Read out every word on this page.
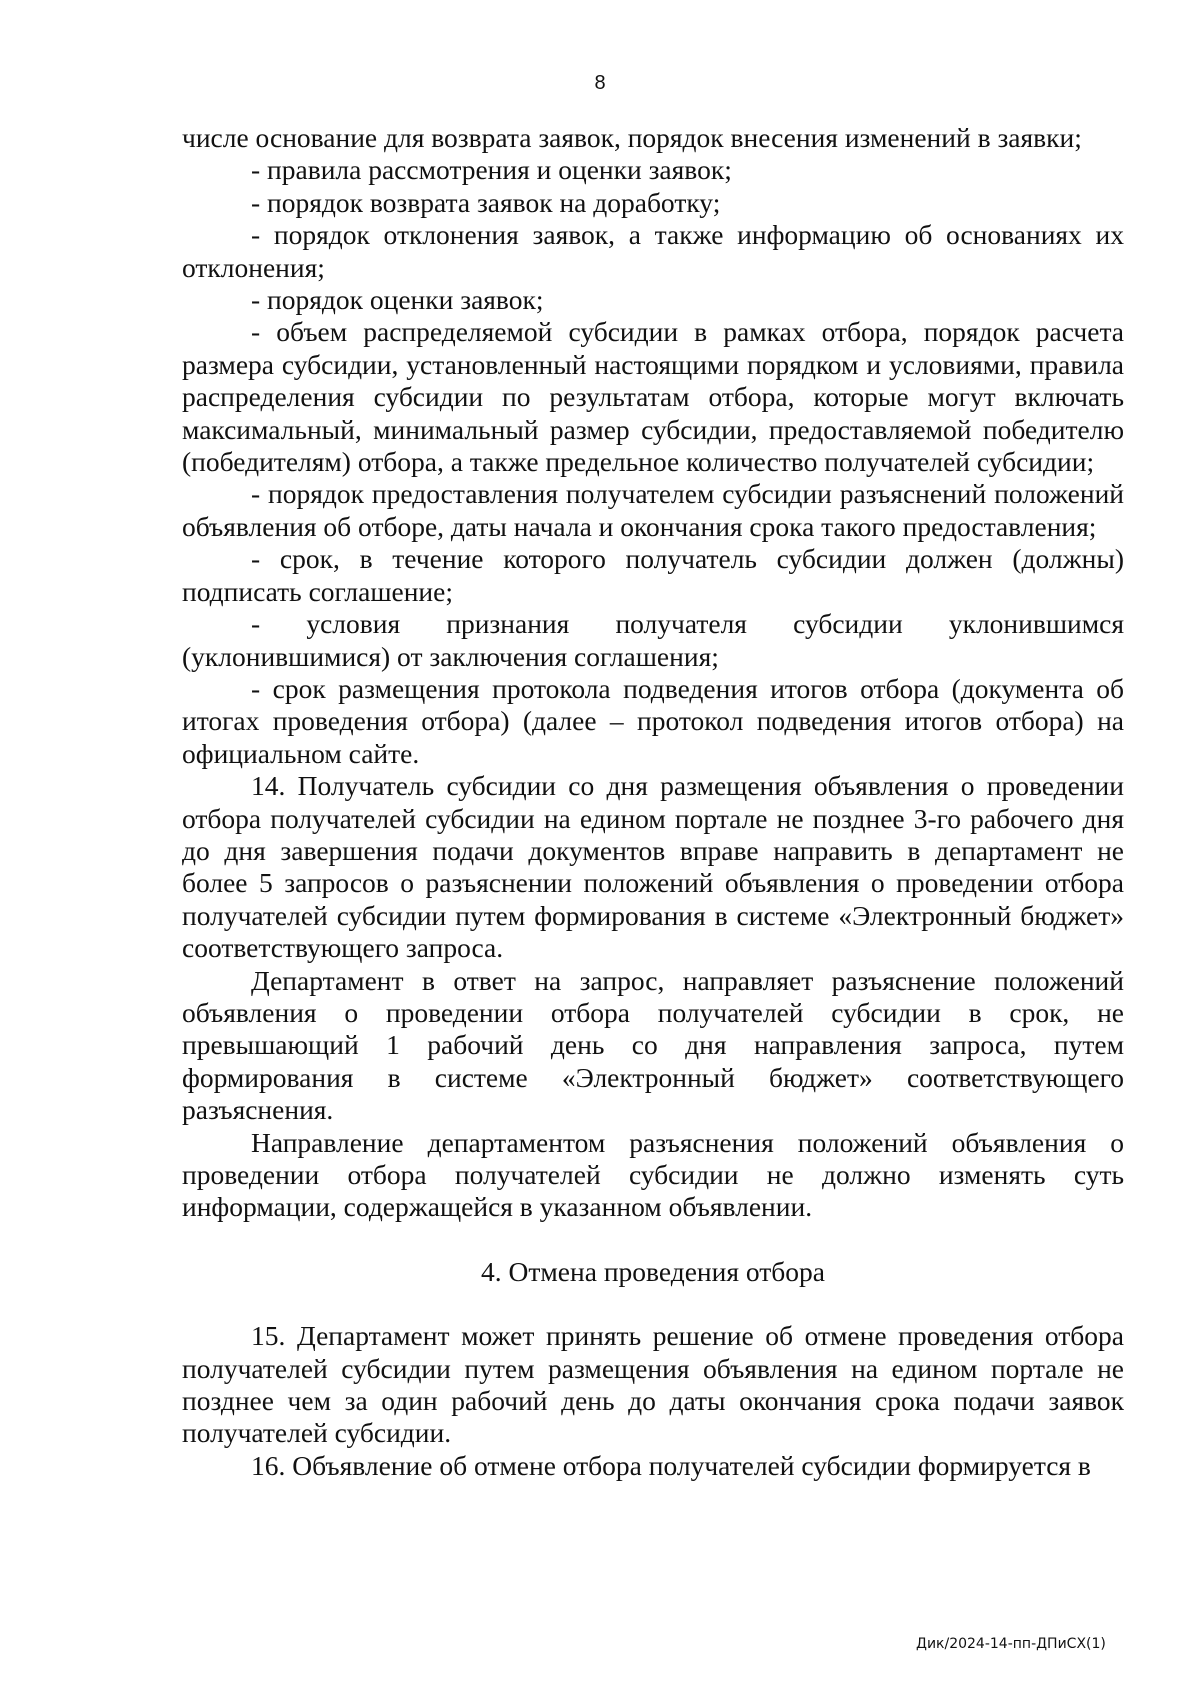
8

числе основание для возврата заявок, порядок внесения изменений в заявки;

- правила рассмотрения и оценки заявок;

- порядок возврата заявок на доработку;

- порядок отклонения заявок, а также информацию об основаниях их отклонения;

- порядок оценки заявок;

- объем распределяемой субсидии в рамках отбора, порядок расчета размера субсидии, установленный настоящими порядком и условиями, правила распределения субсидии по результатам отбора, которые могут включать максимальный, минимальный размер субсидии, предоставляемой победителю (победителям) отбора, а также предельное количество получателей субсидии;

- порядок предоставления получателем субсидии разъяснений положений объявления об отборе, даты начала и окончания срока такого предоставления;

- срок, в течение которого получатель субсидии должен (должны) подписать соглашение;

- условия признания получателя субсидии уклонившимся (уклонившимися) от заключения соглашения;

- срок размещения протокола подведения итогов отбора (документа об итогах проведения отбора) (далее – протокол подведения итогов отбора) на официальном сайте.

14. Получатель субсидии со дня размещения объявления о проведении отбора получателей субсидии на едином портале не позднее 3-го рабочего дня до дня завершения подачи документов вправе направить в департамент не более 5 запросов о разъяснении положений объявления о проведении отбора получателей субсидии путем формирования в системе «Электронный бюджет» соответствующего запроса.

Департамент в ответ на запрос, направляет разъяснение положений объявления о проведении отбора получателей субсидии в срок, не превышающий 1 рабочий день со дня направления запроса, путем формирования в системе «Электронный бюджет» соответствующего разъяснения.

Направление департаментом разъяснения положений объявления о проведении отбора получателей субсидии не должно изменять суть информации, содержащейся в указанном объявлении.

4. Отмена проведения отбора

15. Департамент может принять решение об отмене проведения отбора получателей субсидии путем размещения объявления на едином портале не позднее чем за один рабочий день до даты окончания срока подачи заявок получателей субсидии.

16. Объявление об отмене отбора получателей субсидии формируется в

Дик/2024-14-пп-ДПиСХ(1)
